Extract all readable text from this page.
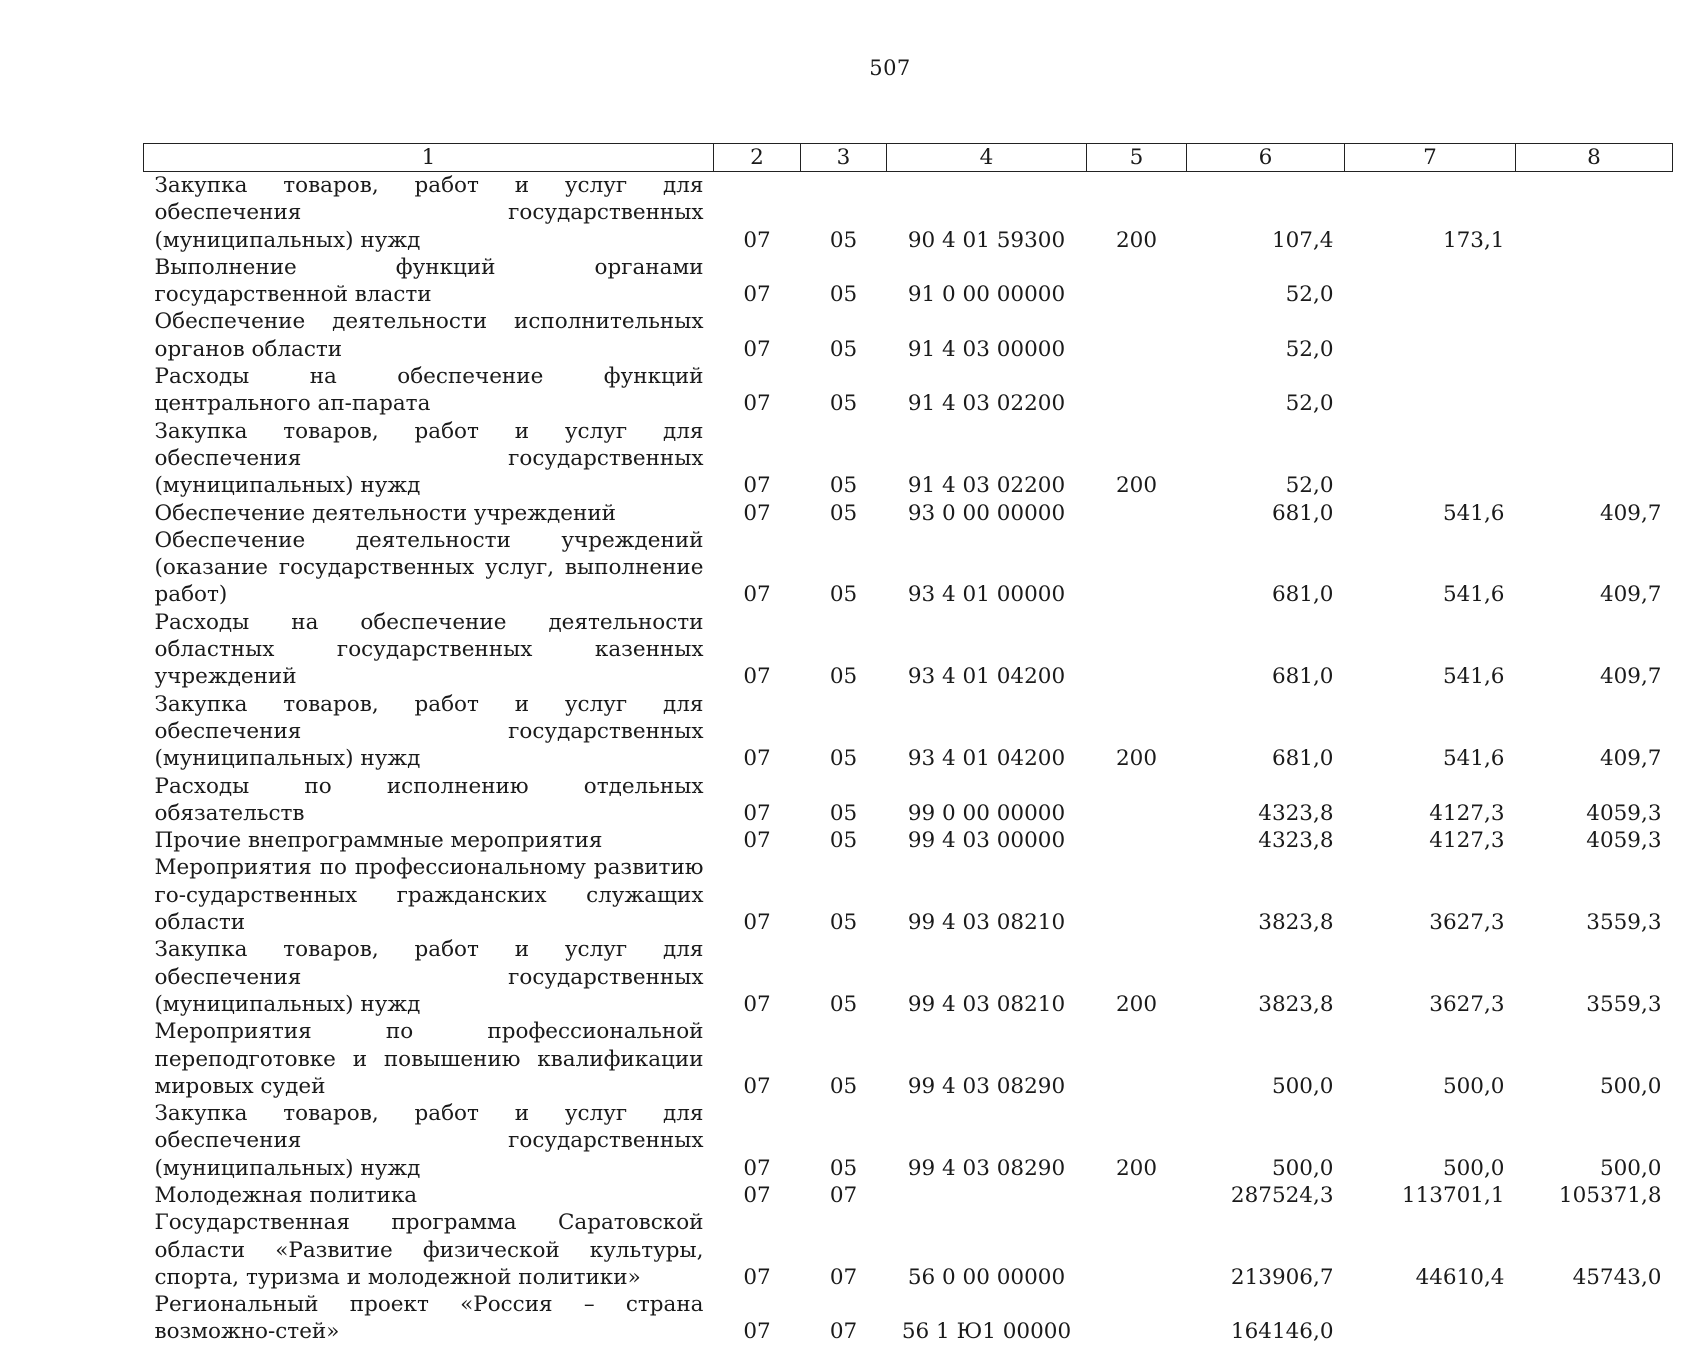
507
1	2	3	4	5	6	7	8
Закупка товаров, работ и услуг для обеспечения государственных (муниципальных) нужд	07	05	90 4 01 59300	200	107,4	173,1	
Выполнение функций органами государственной власти	07	05	91 0 00 00000		52,0		
Обеспечение деятельности исполнительных органов области	07	05	91 4 03 00000		52,0		
Расходы на обеспечение функций центрального ап-парата	07	05	91 4 03 02200		52,0		
Закупка товаров, работ и услуг для обеспечения государственных (муниципальных) нужд	07	05	91 4 03 02200	200	52,0		
Обеспечение деятельности учреждений	07	05	93 0 00 00000		681,0	541,6	409,7
Обеспечение деятельности учреждений (оказание государственных услуг, выполнение работ)	07	05	93 4 01 00000		681,0	541,6	409,7
Расходы на обеспечение деятельности областных государственных казенных учреждений	07	05	93 4 01 04200		681,0	541,6	409,7
Закупка товаров, работ и услуг для обеспечения государственных (муниципальных) нужд	07	05	93 4 01 04200	200	681,0	541,6	409,7
Расходы по исполнению отдельных обязательств	07	05	99 0 00 00000		4323,8	4127,3	4059,3
Прочие внепрограммные мероприятия	07	05	99 4 03 00000		4323,8	4127,3	4059,3
Мероприятия по профессиональному развитию го-сударственных гражданских служащих области	07	05	99 4 03 08210		3823,8	3627,3	3559,3
Закупка товаров, работ и услуг для обеспечения государственных (муниципальных) нужд	07	05	99 4 03 08210	200	3823,8	3627,3	3559,3
Мероприятия по профессиональной переподготовке и повышению квалификации мировых судей	07	05	99 4 03 08290		500,0	500,0	500,0
Закупка товаров, работ и услуг для обеспечения государственных (муниципальных) нужд	07	05	99 4 03 08290	200	500,0	500,0	500,0
Молодежная политика	07	07			287524,3	113701,1	105371,8
Государственная программа Саратовской области «Развитие физической культуры, спорта, туризма и молодежной политики»	07	07	56 0 00 00000		213906,7	44610,4	45743,0
Региональный проект «Россия – страна возможно-стей»	07	07	56 1 Ю1 00000		164146,0		
